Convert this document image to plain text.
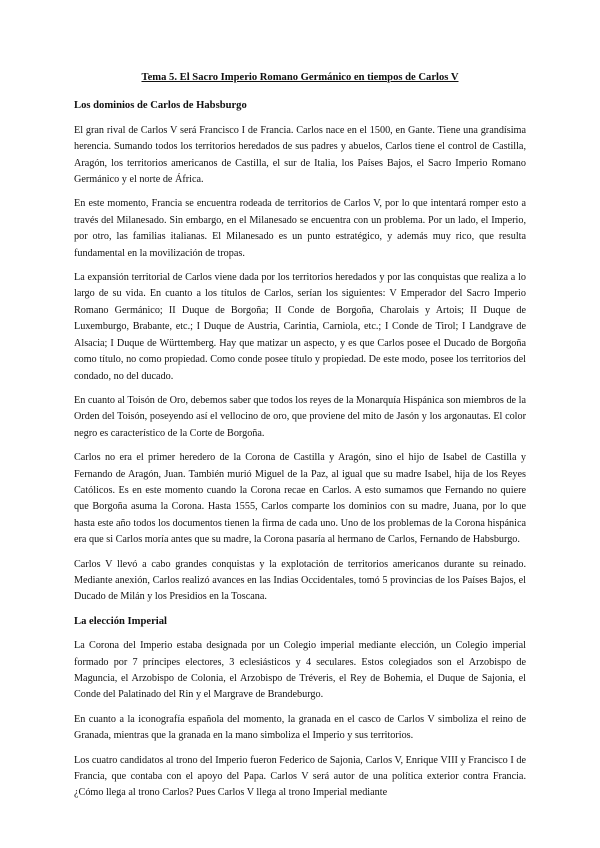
Tema 5. El Sacro Imperio Romano Germánico en tiempos de Carlos V
Los dominios de Carlos de Habsburgo

El gran rival de Carlos V será Francisco I de Francia. Carlos nace en el 1500, en Gante. Tiene una grandísima herencia. Sumando todos los territorios heredados de sus padres y abuelos, Carlos tiene el control de Castilla, Aragón, los territorios americanos de Castilla, el sur de Italia, los Países Bajos, el Sacro Imperio Romano Germánico y el norte de África.

En este momento, Francia se encuentra rodeada de territorios de Carlos V, por lo que intentará romper esto a través del Milanesado. Sin embargo, en el Milanesado se encuentra con un problema. Por un lado, el Imperio, por otro, las familias italianas. El Milanesado es un punto estratégico, y además muy rico, que resulta fundamental en la movilización de tropas.

La expansión territorial de Carlos viene dada por los territorios heredados y por las conquistas que realiza a lo largo de su vida. En cuanto a los títulos de Carlos, serían los siguientes: V Emperador del Sacro Imperio Romano Germánico; II Duque de Borgoña; II Conde de Borgoña, Charolais y Artois; II Duque de Luxemburgo, Brabante, etc.; I Duque de Austria, Carintia, Carniola, etc.; I Conde de Tirol; I Landgrave de Alsacia; I Duque de Württemberg. Hay que matizar un aspecto, y es que Carlos posee el Ducado de Borgoña como título, no como propiedad. Como conde posee título y propiedad. De este modo, posee los territorios del condado, no del ducado.

En cuanto al Toisón de Oro, debemos saber que todos los reyes de la Monarquía Hispánica son miembros de la Orden del Toisón, poseyendo así el vellocino de oro, que proviene del mito de Jasón y los argonautas. El color negro es característico de la Corte de Borgoña.

Carlos no era el primer heredero de la Corona de Castilla y Aragón, sino el hijo de Isabel de Castilla y Fernando de Aragón, Juan. También murió Miguel de la Paz, al igual que su madre Isabel, hija de los Reyes Católicos. Es en este momento cuando la Corona recae en Carlos. A esto sumamos que Fernando no quiere que Borgoña asuma la Corona. Hasta 1555, Carlos comparte los dominios con su madre, Juana, por lo que hasta este año todos los documentos tienen la firma de cada uno. Uno de los problemas de la Corona hispánica era que si Carlos moría antes que su madre, la Corona pasaría al hermano de Carlos, Fernando de Habsburgo.

Carlos V llevó a cabo grandes conquistas y la explotación de territorios americanos durante su reinado. Mediante anexión, Carlos realizó avances en las Indias Occidentales, tomó 5 provincias de los Países Bajos, el Ducado de Milán y los Presidios en la Toscana.

La elección Imperial

La Corona del Imperio estaba designada por un Colegio imperial mediante elección, un Colegio imperial formado por 7 príncipes electores, 3 eclesiásticos y 4 seculares. Estos colegiados son el Arzobispo de Maguncia, el Arzobispo de Colonia, el Arzobispo de Tréveris, el Rey de Bohemia, el Duque de Sajonia, el Conde del Palatinado del Rin y el Margrave de Brandeburgo.

En cuanto a la iconografía española del momento, la granada en el casco de Carlos V simboliza el reino de Granada, mientras que la granada en la mano simboliza el Imperio y sus territorios.

Los cuatro candidatos al trono del Imperio fueron Federico de Sajonia, Carlos V, Enrique VIII y Francisco I de Francia, que contaba con el apoyo del Papa. Carlos V será autor de una política exterior contra Francia. ¿Cómo llega al trono Carlos? Pues Carlos V llega al trono Imperial mediante
